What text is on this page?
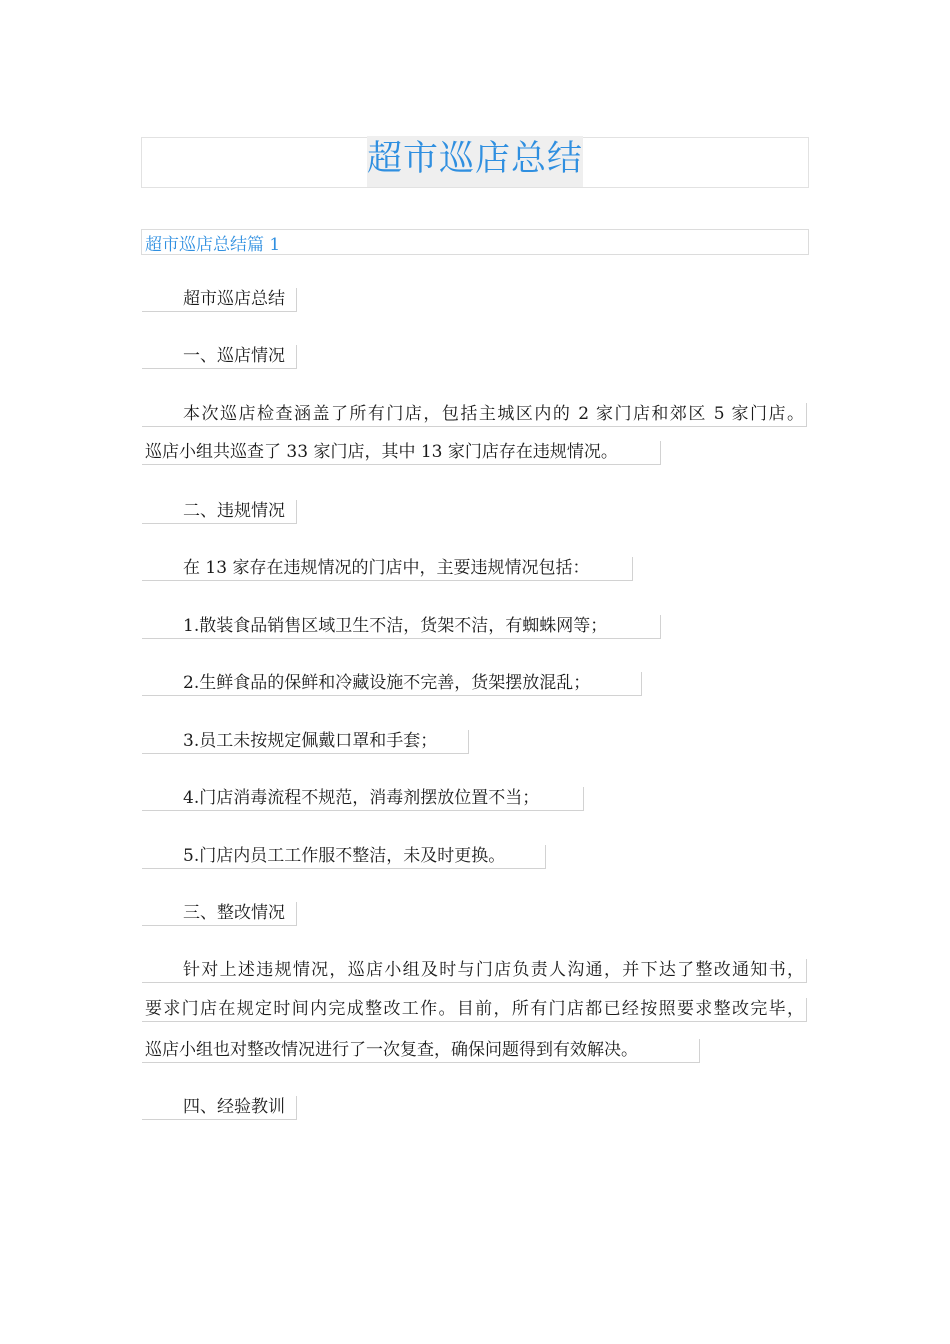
超市巡店总结
超市巡店总结篇 1
超市巡店总结
一、巡店情况
本次巡店检查涵盖了所有门店，包括主城区内的 2 家门店和郊区 5 家门店。
巡店小组共巡查了 33 家门店，其中 13 家门店存在违规情况。
二、违规情况
在 13 家存在违规情况的门店中，主要违规情况包括：
1.散装食品销售区域卫生不洁，货架不洁，有蜘蛛网等；
2.生鲜食品的保鲜和冷藏设施不完善，货架摆放混乱；
3.员工未按规定佩戴口罩和手套；
4.门店消毒流程不规范，消毒剂摆放位置不当；
5.门店内员工工作服不整洁，未及时更换。
三、整改情况
针对上述违规情况，巡店小组及时与门店负责人沟通，并下达了整改通知书，
要求门店在规定时间内完成整改工作。目前，所有门店都已经按照要求整改完毕，
巡店小组也对整改情况进行了一次复查，确保问题得到有效解决。
四、经验教训
